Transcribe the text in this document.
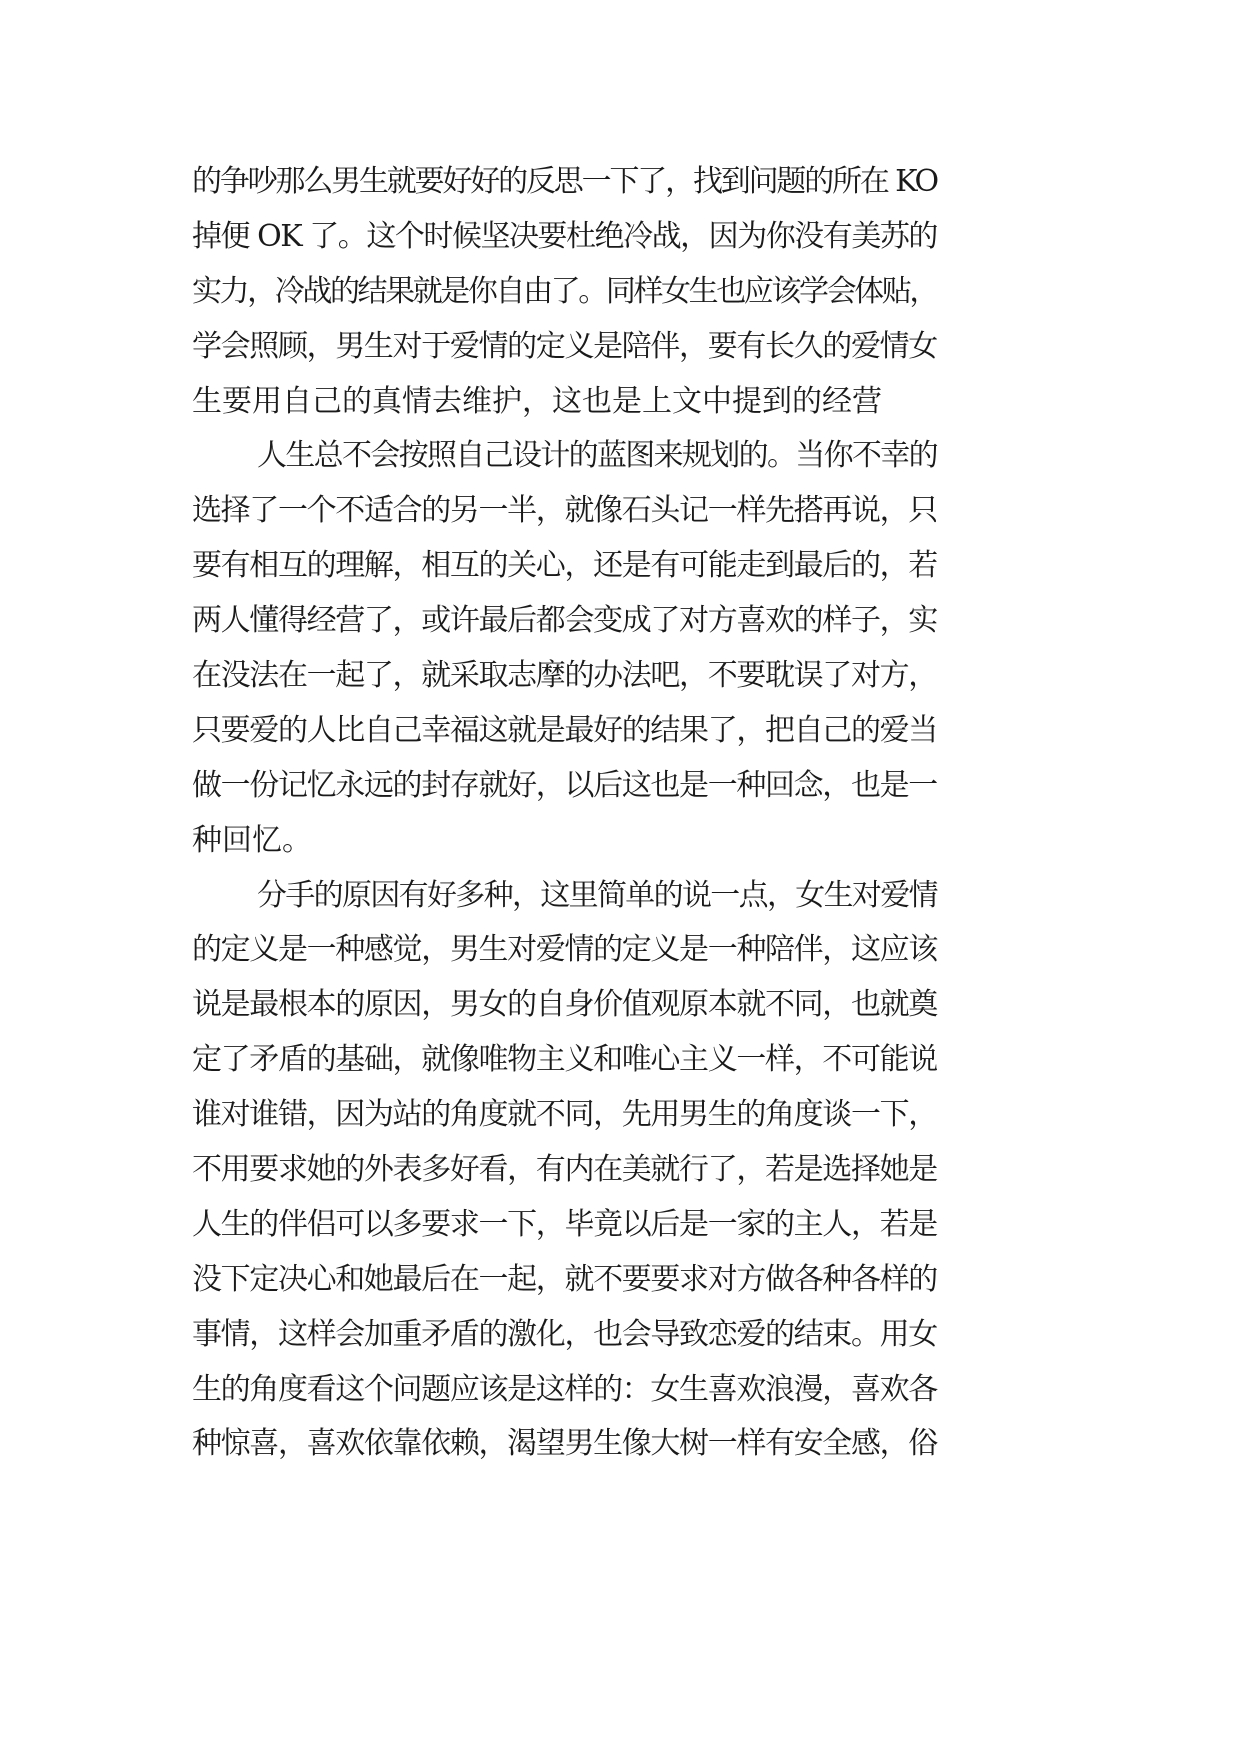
的争吵那么男生就要好好的反思一下了，找到问题的所在 KO
掉便 OK 了。这个时候坚决要杜绝冷战，因为你没有美苏的
实力，冷战的结果就是你自由了。同样女生也应该学会体贴，
学会照顾，男生对于爱情的定义是陪伴，要有长久的爱情女
生要用自己的真情去维护，这也是上文中提到的经营
人生总不会按照自己设计的蓝图来规划的。当你不幸的
选择了一个不适合的另一半，就像石头记一样先搭再说，只
要有相互的理解，相互的关心，还是有可能走到最后的，若
两人懂得经营了，或许最后都会变成了对方喜欢的样子，实
在没法在一起了，就采取志摩的办法吧，不要耽误了对方，
只要爱的人比自己幸福这就是最好的结果了，把自己的爱当
做一份记忆永远的封存就好，以后这也是一种回念，也是一
种回忆。
分手的原因有好多种，这里简单的说一点，女生对爱情
的定义是一种感觉，男生对爱情的定义是一种陪伴，这应该
说是最根本的原因，男女的自身价值观原本就不同，也就奠
定了矛盾的基础，就像唯物主义和唯心主义一样，不可能说
谁对谁错，因为站的角度就不同，先用男生的角度谈一下，
不用要求她的外表多好看，有内在美就行了，若是选择她是
人生的伴侣可以多要求一下，毕竟以后是一家的主人，若是
没下定决心和她最后在一起，就不要要求对方做各种各样的
事情，这样会加重矛盾的激化，也会导致恋爱的结束。用女
生的角度看这个问题应该是这样的：女生喜欢浪漫，喜欢各
种惊喜，喜欢依靠依赖，渴望男生像大树一样有安全感，俗
